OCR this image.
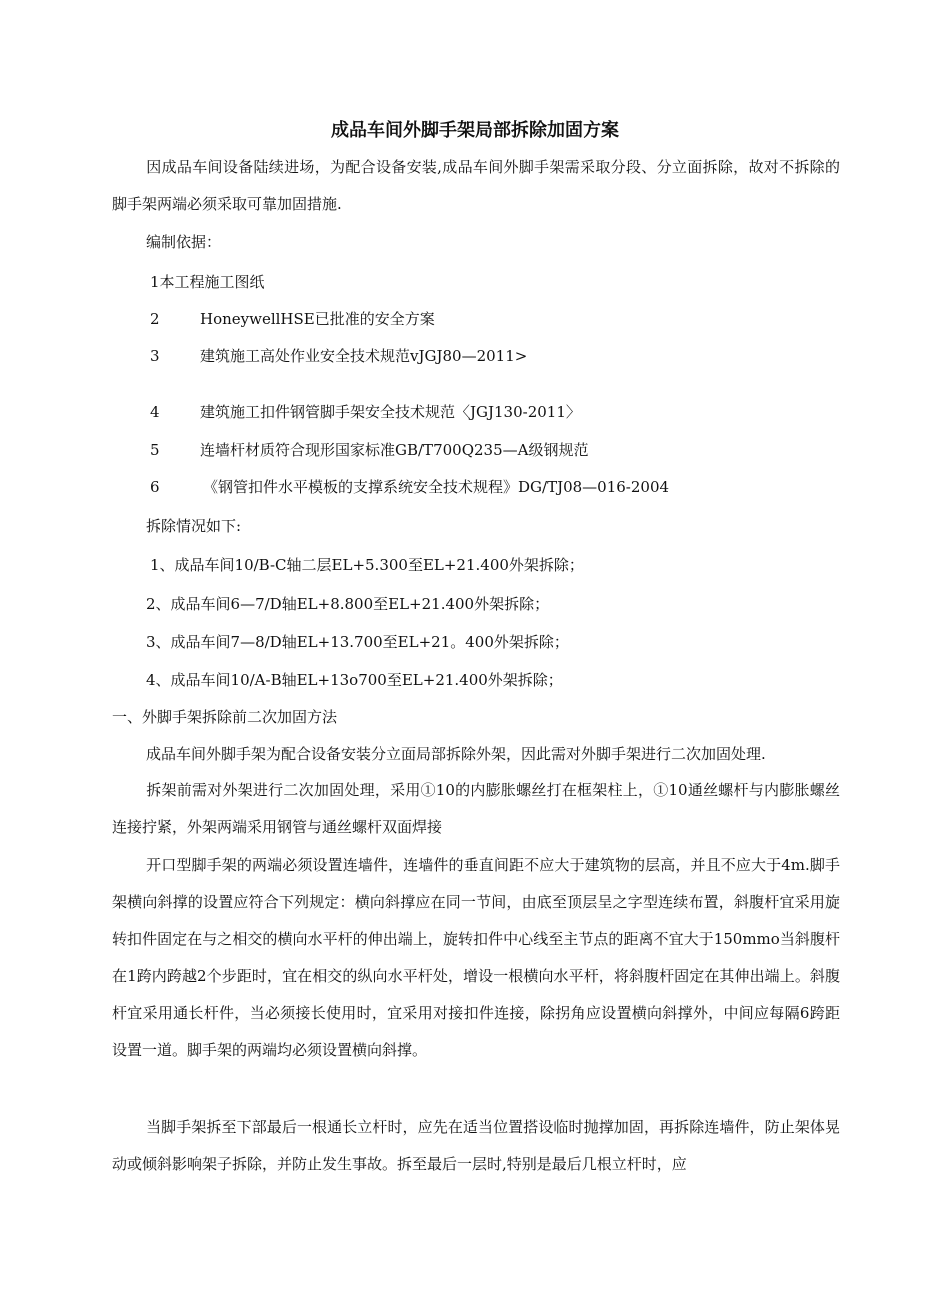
成品车间外脚手架局部拆除加固方案
因成品车间设备陆续进场，为配合设备安装,成品车间外脚手架需采取分段、分立面拆除，故对不拆除的脚手架两端必须采取可靠加固措施.
编制依据：
1本工程施工图纸
2	HoneywellHSE已批准的安全方案
3	建筑施工高处作业安全技术规范vJGJ80—2011>
4	建筑施工扣件钢管脚手架安全技术规范〈JGJ130-2011〉
5	连墙杆材质符合现形国家标准GB/T700Q235—A级钢规范
6	《钢管扣件水平模板的支撑系统安全技术规程》DG/TJ08—016-2004
拆除情况如下:
1、成品车间10/B-C轴二层EL+5.300至EL+21.400外架拆除；
2、成品车间6—7/D轴EL+8.800至EL+21.400外架拆除；
3、成品车间7—8/D轴EL+13.700至EL+21。400外架拆除；
4、成品车间10/A-B轴EL+13o700至EL+21.400外架拆除；
一、外脚手架拆除前二次加固方法
成品车间外脚手架为配合设备安装分立面局部拆除外架，因此需对外脚手架进行二次加固处理.
拆架前需对外架进行二次加固处理，采用①10的内膨胀螺丝打在框架柱上，①10通丝螺杆与内膨胀螺丝连接拧紧，外架两端采用钢管与通丝螺杆双面焊接
开口型脚手架的两端必须设置连墙件，连墙件的垂直间距不应大于建筑物的层高，并且不应大于4m.脚手架横向斜撑的设置应符合下列规定：横向斜撑应在同一节间，由底至顶层呈之字型连续布置，斜腹杆宜采用旋转扣件固定在与之相交的横向水平杆的伸出端上，旋转扣件中心线至主节点的距离不宜大于150mmo当斜腹杆在1跨内跨越2个步距时，宜在相交的纵向水平杆处，增设一根横向水平杆，将斜腹杆固定在其伸出端上。斜腹杆宜采用通长杆件，当必须接长使用时，宜采用对接扣件连接，除拐角应设置横向斜撑外，中间应每隔6跨距设置一道。脚手架的两端均必须设置横向斜撑。
当脚手架拆至下部最后一根通长立杆时，应先在适当位置搭设临时抛撑加固，再拆除连墙件，防止架体晃动或倾斜影响架子拆除，并防止发生事故。拆至最后一层时,特别是最后几根立杆时，应
